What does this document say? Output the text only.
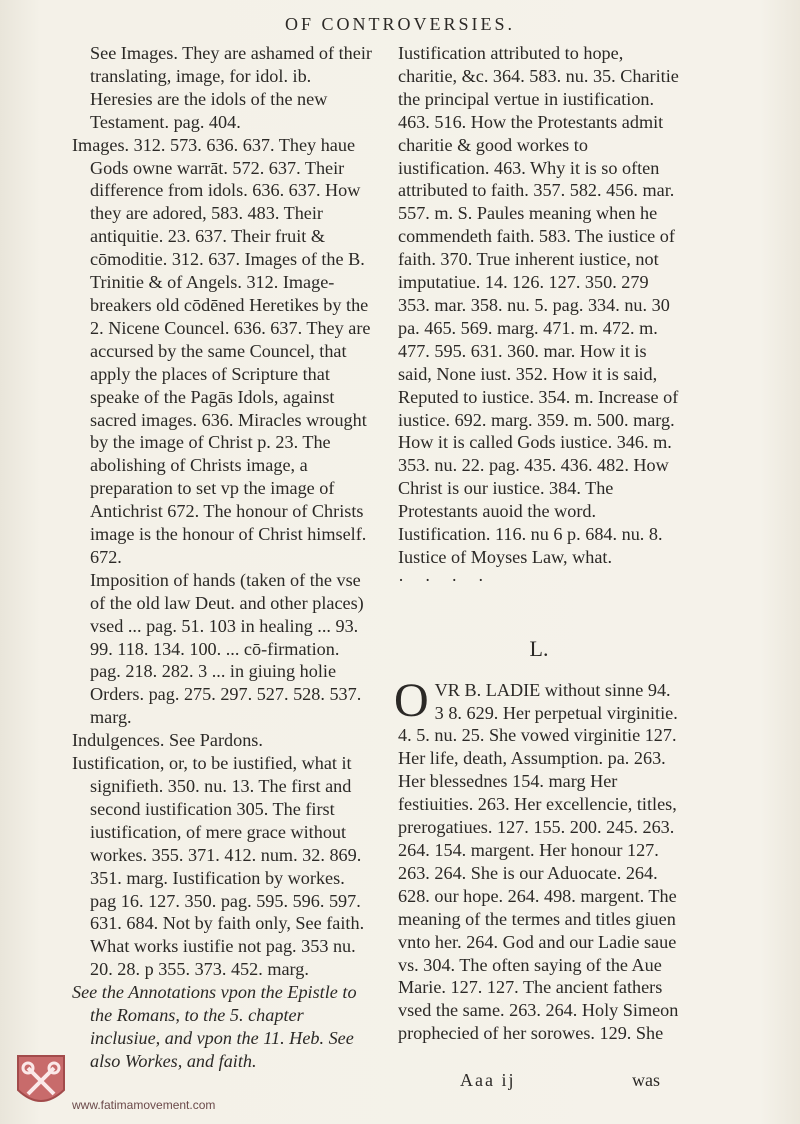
OF CONTROVERSIES.

See Images. They are ashamed of their translating, image, for idol. ib. Heresies are the idols of the new Testament. pag. 404.

Images. 312. 573. 636. 637. They haue Gods owne warrāt. 572. 637. Their difference from idols. 636. 637. How they are adored, 583. 483. Their antiquitie. 23. 637. Their fruit & cōmoditie. 312. 637. Images of the B. Trinitie & of Angels. 312. Image-breakers old cōdēned Heretikes by the 2. Nicene Councel. 636. 637. They are accursed by the same Councel, that apply the places of Scripture that speake of the Pagās Idols, against sacred images. 636. Miracles wrought by the image of Christ p. 23. The abolishing of Christs image, a preparation to set vp the image of Antichrist 672. The honour of Christs image is the honour of Christ himself. 672.

Imposition of hands (taken of the vse of the old law Deut. and other places) vsed ... pag. 51. 103 in healing ... 93. 99. 118. 134. 100. ... cō-firmation. pag. 218. 282. 3 ... in giuing holie Orders. pag. 275. 297. 527. 528. 537. marg.

Indulgences. See Pardons.

Iustification, or, to be iustified, what it signifieth. 350. nu. 13. The first and second iustification 305. The first iustification, of mere grace without workes. 355. 371. 412. num. 32. 869. 351. marg. Iustification by workes. pag 16. 127. 350. pag. 595. 596. 597. 631. 684. Not by faith only, See faith.

What works iustifie not pag. 353 nu. 20. 28. p 355. 373. 452. marg.

See the Annotations vpon the Epistle to the Romans, to the 5. chapter inclusiue, and vpon the 11. Heb. See also Workes, and faith.

Iustification attributed to hope, charitie, &c. 364. 583. nu. 35. Charitie the principal vertue in iustification. 463. 516. How the Protestants admit charitie & good workes to iustification. 463. Why it is so often attributed to faith. 357. 582. 456. mar. 557. m. S. Paules meaning when he commendeth faith. 583. The iustice of faith. 370. True inherent iustice, not imputatiue. 14. 126. 127. 350. 279 353. mar. 358. nu. 5. pag. 334. nu. 30 pa. 465. 569. marg. 471. m. 472. m. 477. 595. 631. 360. mar. How it is said, None iust. 352. How it is said, Reputed to iustice. 354. m. Increase of iustice. 692. marg. 359. m. 500. marg. How it is called Gods iustice. 346. m. 353. nu. 22. pag. 435. 436. 482. How Christ is our iustice. 384. The Protestants auoid the word. Iustification. 116. nu 6 p. 684. nu. 8. Iustice of Moyses Law, what.

· · · ·
L.

O VR B. LADIE without sinne 94. 3 8. 629. Her perpetual virginitie. 4. 5. nu. 25. She vowed virginitie 127. Her life, death, Assumption. pa. 263. Her blessednes 154. marg Her festiuities. 263. Her excellencie, titles, prerogatiues. 127. 155. 200. 245. 263. 264. 154. margent. Her honour 127. 263. 264. She is our Aduocate. 264. 628. our hope. 264. 498. margent. The meaning of the termes and titles giuen vnto her. 264. God and our Ladie saue vs. 304. The often saying of the Aue Marie. 127. 127. The ancient fathers vsed the same. 263. 264. Holy Simeon prophecied of her sorowes. 129. She

Aaa ij	was
www.fatimamovement.com
